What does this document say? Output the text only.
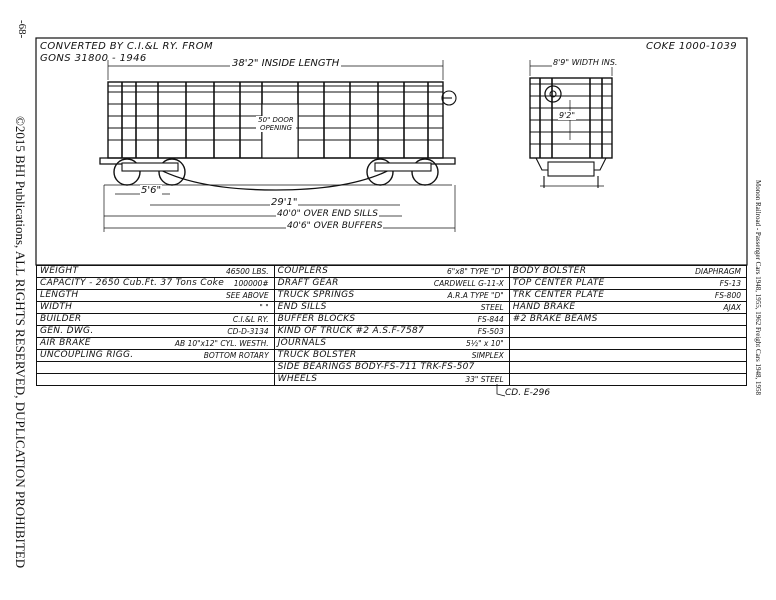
-68-
©2015 BHI Publications, ALL RIGHTS RESERVED, DUPLICATION PROHIBITED	Monon Railroad - Passenger Cars 1948, 1955, 1962 Freight Cars 1948, 1958
CONVERTED BY C.I.&L RY. FROM
GONS 31800 - 1946
COKE 1000-1039
38'2" INSIDE LENGTH
50" DOOR OPENING
5'6"
29'1"
40'0" OVER END SILLS
40'6" OVER BUFFERS
8'9" WIDTH INS.
9'2"
WEIGHT 46500 LBS.	COUPLERS 6"x8" TYPE "D"	BODY BOLSTER DIAPHRAGM

CAPACITY - 2650 Cub.Ft. 37 Tons Coke 100000#	DRAFT GEAR CARDWELL G-11-X	TOP CENTER PLATE FS-13

LENGTH SEE ABOVE	TRUCK SPRINGS A.R.A TYPE "D"	TRK CENTER PLATE FS-800

WIDTH " "	END SILLS STEEL	HAND BRAKE AJAX

BUILDER C.I.&L RY.	BUFFER BLOCKS FS-844	#2 BRAKE BEAMS

GEN. DWG. CD-D-3134	KIND OF TRUCK #2 A.S.F-7587 FS-503	

AIR BRAKE AB 10"x12" CYL. WESTH.	JOURNALS 5½" x 10"	

UNCOUPLING RIGG. BOTTOM ROTARY	TRUCK BOLSTER SIMPLEX	

	SIDE BEARINGS BODY-FS-711 TRK-FS-507	

	WHEELS 33" STEEL	

CD. E-296
